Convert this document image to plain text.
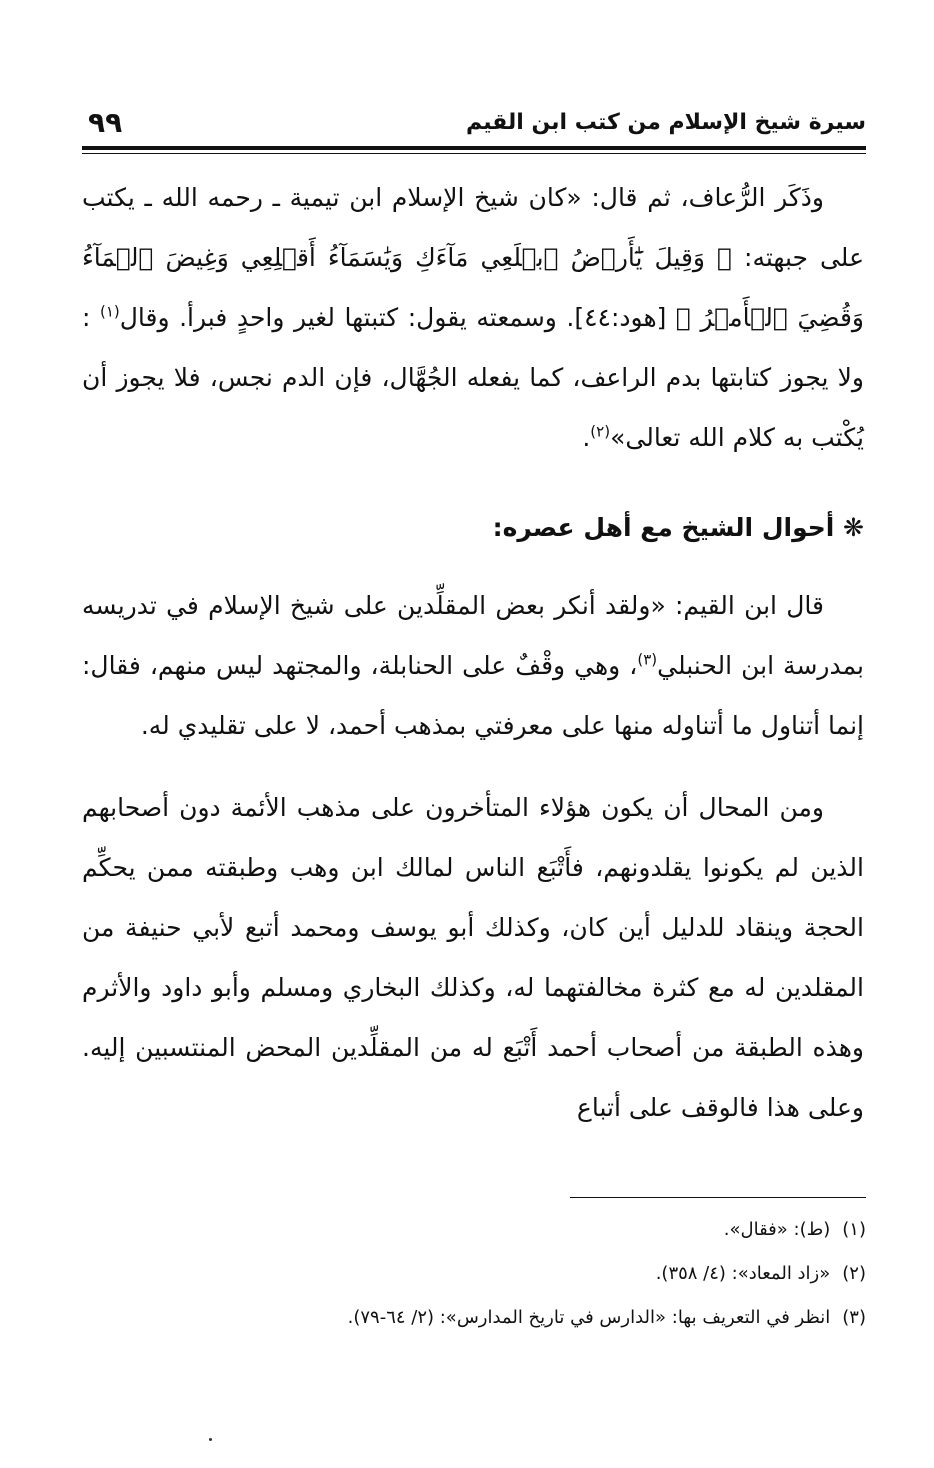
سيرة شيخ الإسلام من كتب ابن القيم
٩٩

وذَكَر الرُّعاف، ثم قال: «كان شيخ الإسلام ابن تيمية ـ رحمه الله ـ يكتب على جبهته: ﴿ وَقِيلَ يَٰٓأَرۡضُ ٱبۡلَعِي مَآءَكِ وَيَٰسَمَآءُ أَقۡلِعِي وَغِيضَ ٱلۡمَآءُ وَقُضِيَ ٱلۡأَمۡرُ ﴾ [هود:٤٤]. وسمعته يقول: كتبتها لغير واحدٍ فبرأ. وقال$^{(١)}$ : ولا يجوز كتابتها بدم الراعف، كما يفعله الجُهَّال، فإن الدم نجس، فلا يجوز أن يُكْتب به كلام الله تعالى»$^{(٢)}$.

❋ أحوال الشيخ مع أهل عصره:

قال ابن القيم: «ولقد أنكر بعض المقلِّدين على شيخ الإسلام في تدريسه بمدرسة ابن الحنبلي$^{(٣)}$، وهي وقْفٌ على الحنابلة، والمجتهد ليس منهم، فقال: إنما أتناول ما أتناوله منها على معرفتي بمذهب أحمد، لا على تقليدي له.

ومن المحال أن يكون هؤلاء المتأخرون على مذهب الأئمة دون أصحابهم الذين لم يكونوا يقلدونهم، فأَتْبَع الناس لمالك ابن وهب وطبقته ممن يحكِّم الحجة وينقاد للدليل أين كان، وكذلك أبو يوسف ومحمد أتبع لأبي حنيفة من المقلدين له مع كثرة مخالفتهما له، وكذلك البخاري ومسلم وأبو داود والأثرم وهذه الطبقة من أصحاب أحمد أَتْبَع له من المقلِّدين المحض المنتسبين إليه. وعلى هذا فالوقف على أتباع

(١)(ط): «فقال».

(٢)«زاد المعاد»: (٤/ ٣٥٨).

(٣)انظر في التعريف بها: «الدارس في تاريخ المدارس»: (٢/ ٦٤-٧٩).
